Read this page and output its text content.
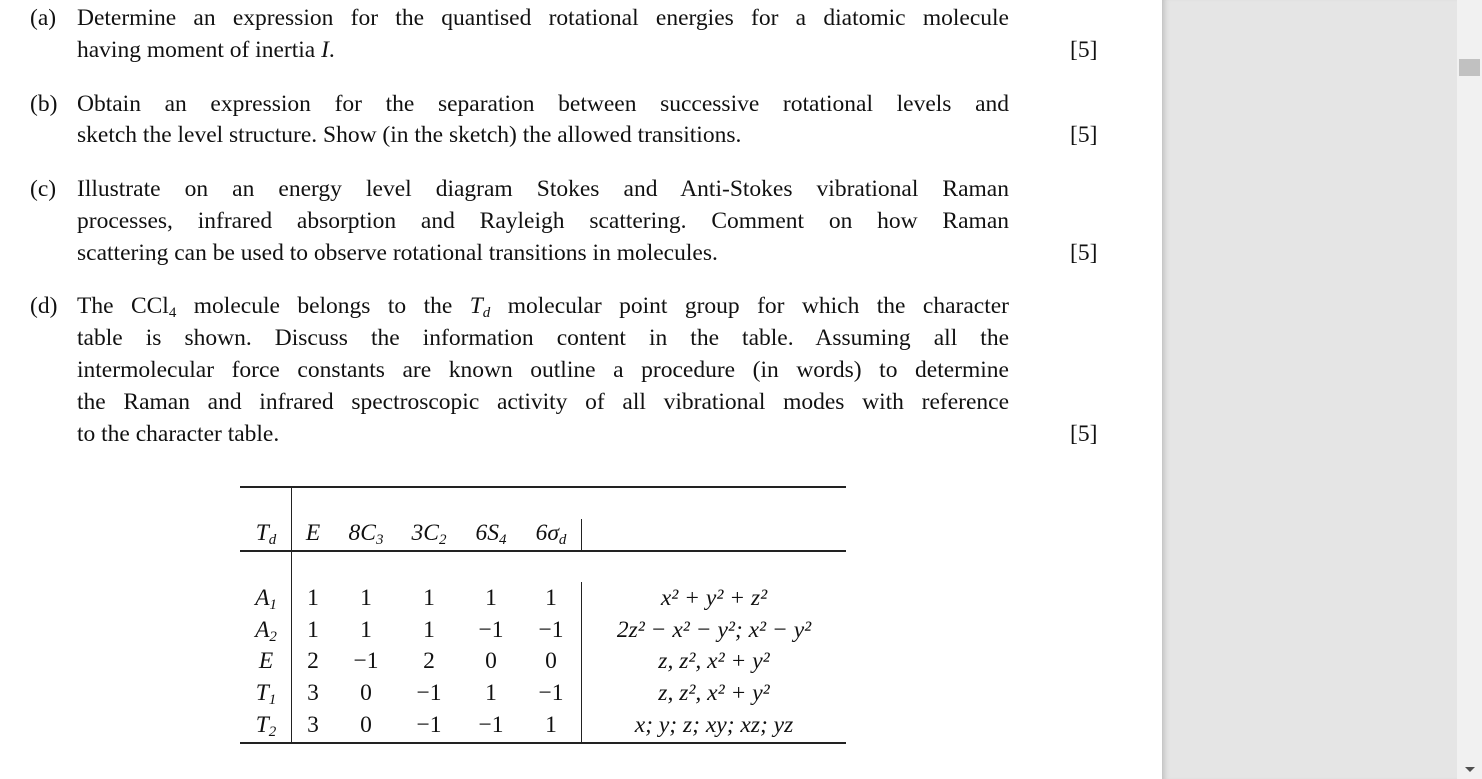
(a) Determine an expression for the quantised rotational energies for a diatomic molecule
having moment of inertia I.	[5]
(b) Obtain an expression for the separation between successive rotational levels and
sketch the level structure. Show (in the sketch) the allowed transitions.	[5]
(c) Illustrate on an energy level diagram Stokes and Anti-Stokes vibrational Raman
processes, infrared absorption and Rayleigh scattering. Comment on how Raman
scattering can be used to observe rotational transitions in molecules.	[5]
(d) The CCl$_4$ molecule belongs to the $T_d$ molecular point group for which the character
table is shown. Discuss the information content in the table. Assuming all the
intermolecular force constants are known outline a procedure (in words) to determine
the Raman and infrared spectroscopic activity of all vibrational modes with reference
to the character table.	[5]
$T_d$	E	$8C_3$	$3C_2$	$6S_4$	$6\sigma_d$
$A_1$	1	1	1	1	1	x² + y² + z²
$A_2$	1	1	1	−1	−1	2z² − x² − y²; x² − y²
E	2	−1	2	0	0	z, z², x² + y²
$T_1$	3	0	−1	1	−1	z, z², x² + y²
$T_2$	3	0	−1	−1	1	x; y; z; xy; xz; yz
